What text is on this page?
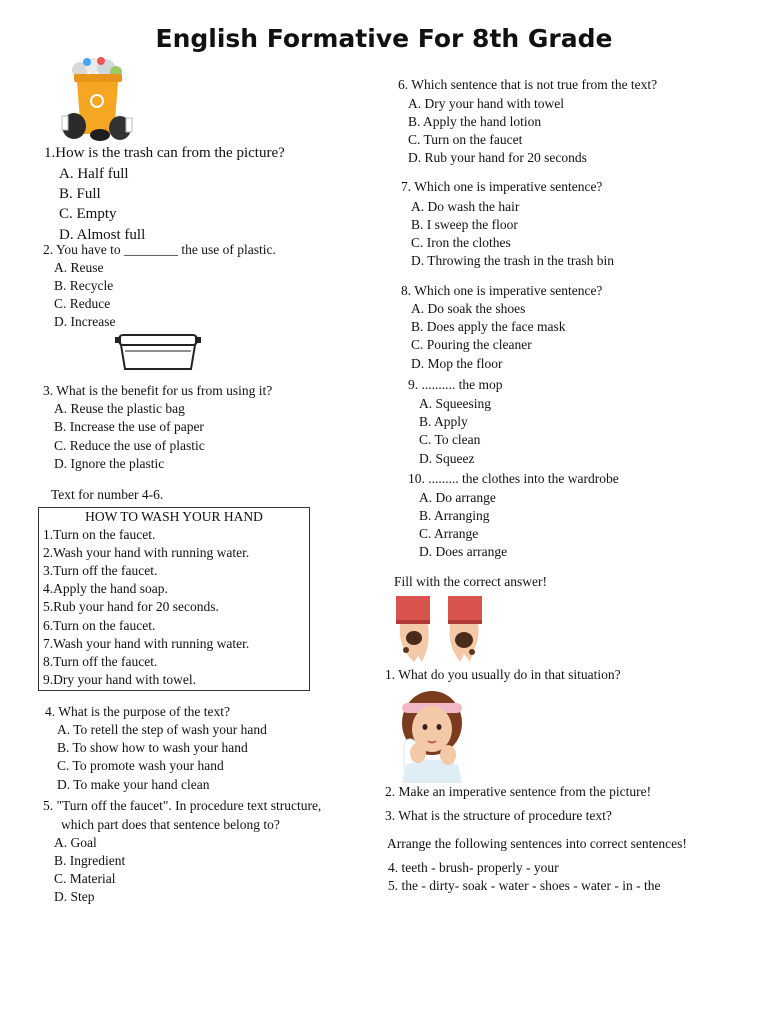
English Formative For 8th Grade
1.How is the trash can from the picture?
A. Half full
B. Full
C. Empty
D. Almost full
2. You have to ________ the use of plastic.
A. Reuse
B. Recycle
C. Reduce
D. Increase
3. What is the benefit for us from using it?
A. Reuse the plastic bag
B. Increase the use of paper
C. Reduce the use of plastic
D. Ignore the plastic
Text for number 4-6.
HOW TO WASH YOUR HAND
1.Turn on the faucet.
2.Wash your hand with running water.
3.Turn off the faucet.
4.Apply the hand soap.
5.Rub your hand for 20 seconds.
6.Turn on the faucet.
7.Wash your hand with running water.
8.Turn off the faucet.
9.Dry your hand with towel.
4. What is the purpose of the text?
A. To retell the step of wash your hand
B. To show how to wash your hand
C. To promote wash your hand
D. To make your hand clean
5. "Turn off the faucet". In procedure text structure,
which part does that sentence belong to?
A. Goal
B. Ingredient
C. Material
D. Step
6. Which sentence that is not true from the text?
A. Dry your hand with towel
B. Apply the hand lotion
C. Turn on the faucet
D. Rub your hand for 20 seconds
7. Which one is imperative sentence?
A. Do wash the hair
B. I sweep the floor
C. Iron the clothes
D. Throwing the trash in the trash bin
8. Which one is imperative sentence?
A. Do soak the shoes
B. Does apply the face mask
C. Pouring the cleaner
D. Mop the floor
9. .......... the mop
A. Squeesing
B. Apply
C. To clean
D. Squeez
10. ......... the clothes into the wardrobe
A. Do arrange
B. Arranging
C. Arrange
D. Does arrange
Fill with the correct answer!
1. What do you usually do in that situation?
2. Make an imperative sentence from the picture!
3. What is the structure of procedure text?
Arrange the following sentences into correct sentences!
4. teeth - brush- properly - your
5. the - dirty- soak - water - shoes - water - in - the
